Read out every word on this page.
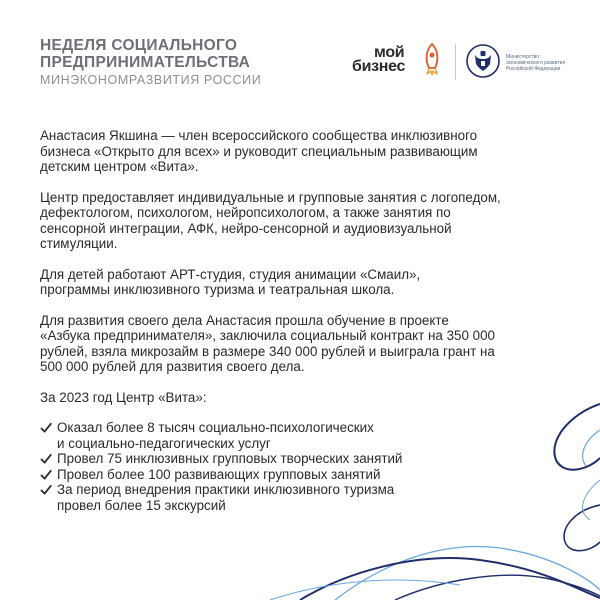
НЕДЕЛЯ СОЦИАЛЬНОГО
ПРЕДПРИНИМАТЕЛЬСТВА
МИНЭКОНОМРАЗВИТИЯ РОССИИ
мой
бизнес
Министерство
экономического развития
Российской Федерации

Анастасия Якшина — член всероссийского сообщества инклюзивного
бизнеса «Открыто для всех» и руководит специальным развивающим
детским центром «Вита».

Центр предоставляет индивидуальные и групповые занятия с логопедом,
дефектологом, психологом, нейропсихологом, а также занятия по
сенсорной интеграции, АФК, нейро-сенсорной и аудиовизуальной
стимуляции.

Для детей работают АРТ-студия, студия анимации «Смаил»,
программы инклюзивного туризма и театральная школа.

Для развития своего дела Анастасия прошла обучение в проекте
«Азбука предпринимателя», заключила социальный контракт на 350 000
рублей, взяла микрозайм в размере 340 000 рублей и выиграла грант на
500 000 рублей для развития своего дела.

За 2023 год Центр «Вита»:

Оказал более 8 тысяч социально-психологических
и социально-педагогических услуг
Провел 75 инклюзивных групповых творческих занятий
Провел более 100 развивающих групповых занятий
За период внедрения практики инклюзивного туризма
провел более 15 экскурсий
